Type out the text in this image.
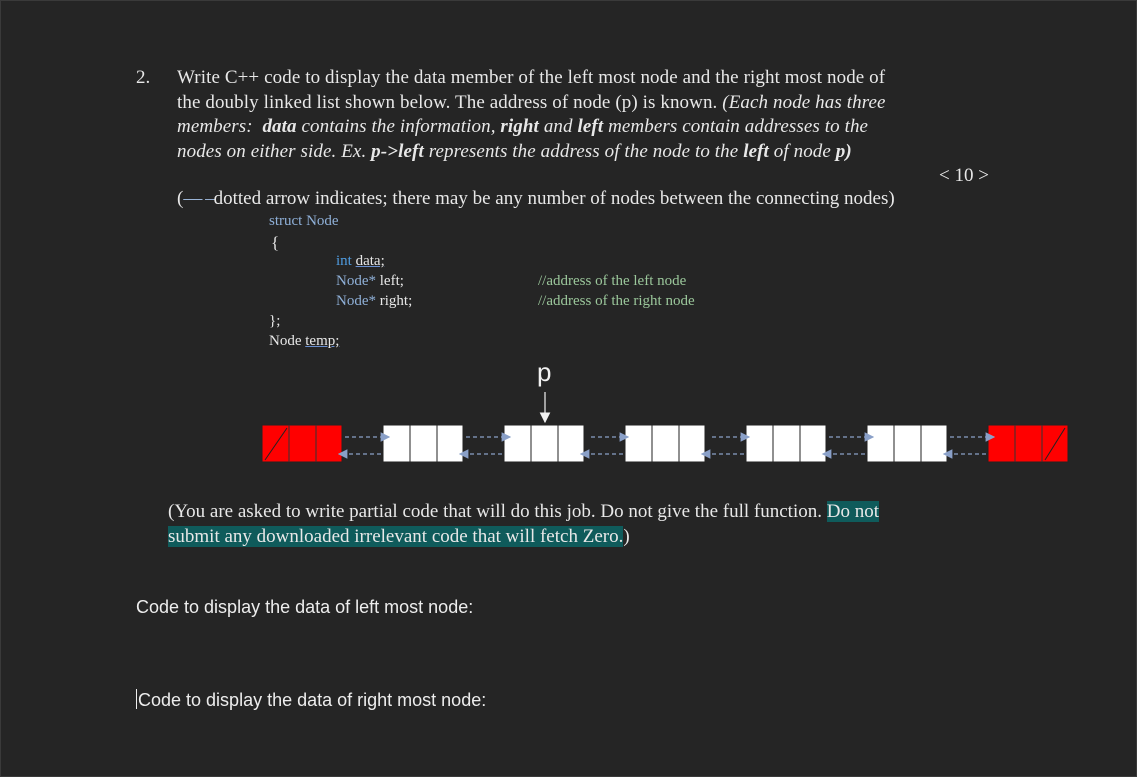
2. Write C++ code to display the data member of the left most node and the right most node of
the doubly linked list shown below. The address of node (p) is known. (Each node has three
members: data contains the information, right and left members contain addresses to the
nodes on either side. Ex. p->left represents the address of the node to the left of node p)
< 10 >
(— –dotted arrow indicates; there may be any number of nodes between the connecting nodes)
struct Node
{
int data;
Node* left;
Node* right;
//address of the left node
//address of the right node
};
Node temp;
p
(You are asked to write partial code that will do this job. Do not give the full function. Do not
submit any downloaded irrelevant code that will fetch Zero.)
Code to display the data of left most node:
Code to display the data of right most node:
